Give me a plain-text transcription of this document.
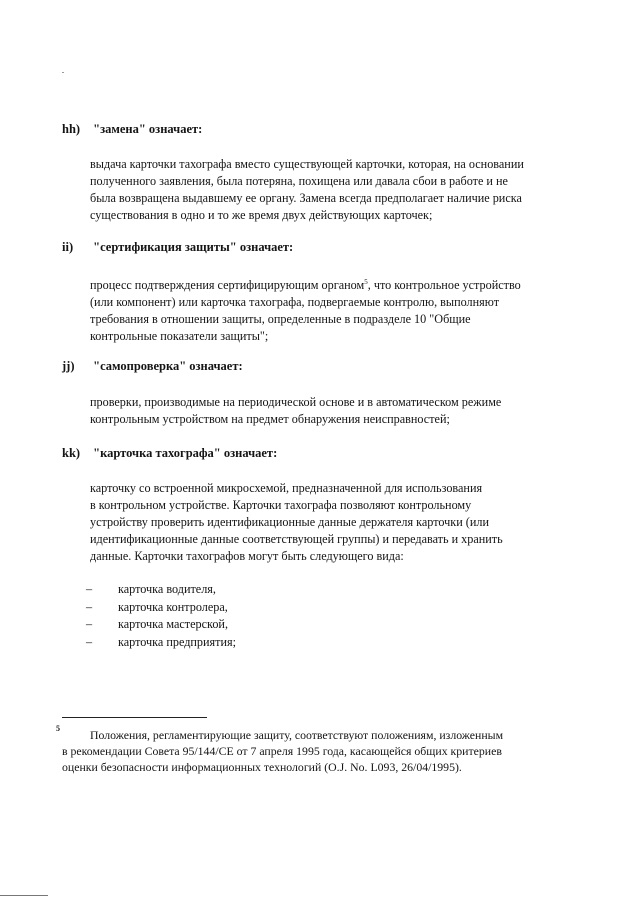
hh) "замена" означает:
выдача карточки тахографа вместо существующей карточки, которая, на основании
полученного заявления, была потеряна, похищена или давала сбои в работе и не
была возвращена выдавшему ее органу. Замена всегда предполагает наличие риска
существования в одно и то же время двух действующих карточек;
ii) "сертификация защиты" означает:
процесс подтверждения сертифицирующим органом$^5$, что контрольное устройство
(или компонент) или карточка тахографа, подвергаемые контролю, выполняют
требования в отношении защиты, определенные в подразделе 10 "Общие
контрольные показатели защиты";
jj) "самопроверка" означает:
проверки, производимые на периодической основе и в автоматическом режиме
контрольным устройством на предмет обнаружения неисправностей;
kk) "карточка тахографа" означает:
карточку со встроенной микросхемой, предназначенной для использования
в контрольном устройстве. Карточки тахографа позволяют контрольному
устройству проверить идентификационные данные держателя карточки (или
идентификационные данные соответствующей группы) и передавать и хранить
данные. Карточки тахографов могут быть следующего вида:
– карточка водителя,
– карточка контролера,
– карточка мастерской,
– карточка предприятия;
5	Положения, регламентирующие защиту, соответствуют положениям, изложенным
в рекомендации Совета 95/144/CE от 7 апреля 1995 года, касающейся общих критериев
оценки безопасности информационных технологий (O.J. No. L093, 26/04/1995).
